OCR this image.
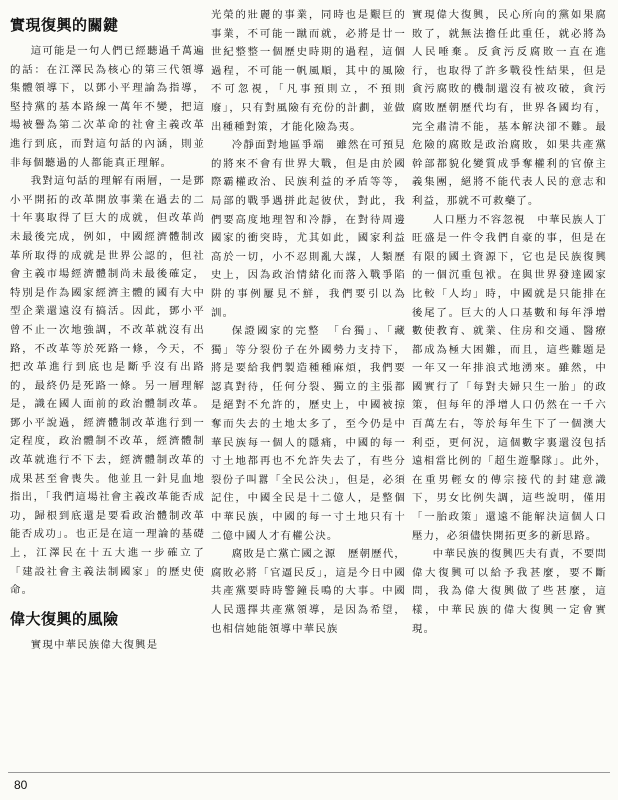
實現復興的關鍵

這可能是一句人們已經聽過千萬遍的話：在江澤民為核心的第三代領導集體領導下，以鄧小平理論為指導，堅持黨的基本路線一萬年不變，把這場被譽為第二次革命的社會主義改革進行到底，而對這句話的內涵，則並非每個聽過的人都能真正理解。

我對這句話的理解有兩層，一是鄧小平開拓的改革開放事業在過去的二十年裏取得了巨大的成就，但改革尚未最後完成，例如，中國經濟體制改革所取得的成就是世界公認的，但社會主義市場經濟體制尚未最後確定，特別是作為國家經濟主體的國有大中型企業還遠沒有搞活。因此，鄧小平曾不止一次地強調，不改革就沒有出路，不改革等於死路一條，今天，不把改革進行到底也是斷乎沒有出路的，最終仍是死路一條。另一層理解是，識在國人面前的政治體制改革。鄧小平說過，經濟體制改革進行到一定程度，政治體制不改革，經濟體制改革就進行不下去，經濟體制改革的成果甚至會喪失。他並且一針見血地指出，「我們這場社會主義改革能否成功，歸根到底還是要看政治體制改革能否成功」。也正是在這一理論的基礎上，江澤民在十五大進一步確立了「建設社會主義法制國家」的歷史使命。

偉大復興的風險

實現中華民族偉大復興是

光榮的壯麗的事業，同時也是艱巨的事業，不可能一蹴而就，必將是廿一世紀整整一個歷史時期的過程，這個過程，不可能一帆風順，其中的風險不可忽視，「凡事預則立，不預則廢」，只有對風險有充份的計劃，並做出種種對策，才能化險為夷。

冷靜面對地區爭端　雖然在可預見的將來不會有世界大戰，但是由於國際霸權政治、民族利益的矛盾等等，局部的戰爭遇拼此起彼伏，對此，我們要高度地理智和冷靜，在對待周邊國家的衝突時，尤其如此，國家利益高於一切，小不忍則亂大謀，人類歷史上，因為政治情緒化而落入戰爭陷阱的事例屢見不鮮，我們要引以為訓。

保證國家的完整　「台獨」、「藏獨」等分裂份子在外國勢力支持下，將是要給我們製造種種麻煩，我們要認真對待，任何分裂、獨立的主張都是絕對不允許的，歷史上，中國被掠奪而失去的土地太多了，至今仍是中華民族每一個人的隱痛，中國的每一寸土地都再也不允許失去了，有些分裂份子叫囂「全民公決」，但是，必須記住，中國全民是十二億人，是整個中華民族，中國的每一寸土地只有十二億中國人才有權公決。

腐敗是亡黨亡國之源　歷朝歷代，腐敗必將「官逼民反」，這是今日中國共產黨要時時警鐘長鳴的大事。中國人民選擇共產黨領導，是因為希望，也相信她能領導中華民族

實現偉大復興，民心所向的黨如果腐敗了，就無法擔任此重任，就必將為人民唾棄。反貪污反腐敗一直在進行，也取得了許多戰役性結果，但是貪污腐敗的機制還沒有被攻破，貪污腐敗歷朝歷代均有，世界各國均有，完全肅清不能，基本解決卻不難。最危險的腐敗是政治腐敗，如果共產黨幹部都貌化變質成爭奪權利的官僚主義集團，絕將不能代表人民的意志和利益，那就不可救藥了。

人口壓力不容忽視　中華民族人丁旺盛是一件令我們自豪的事，但是在有限的國土資源下，它也是民族復興的一個沉重包袱。在與世界發達國家比較「人均」時，中國就是只能排在後尾了。巨大的人口基數和每年淨增數使教育、就業、住房和交通、醫療都成為極大困難，而且，這些難題是一年又一年排浪式地湧來。雖然，中國實行了「每對夫婦只生一胎」的政策，但每年的淨增人口仍然在一千六百萬左右，等於每年生下了一個澳大利亞，更何況，這個數字裏還沒包括遠相當比例的「超生遊擊隊」。此外，在重男輕女的傳宗接代的封建意識下，男女比例失調，這些說明，僅用「一胎政策」還遠不能解決這個人口壓力，必須儘快開拓更多的新思路。

中華民族的復興匹夫有責，不要問偉大復興可以給予我甚麼，要不斷問，我為偉大復興做了些甚麼，這樣，中華民族的偉大復興一定會實現。

80
